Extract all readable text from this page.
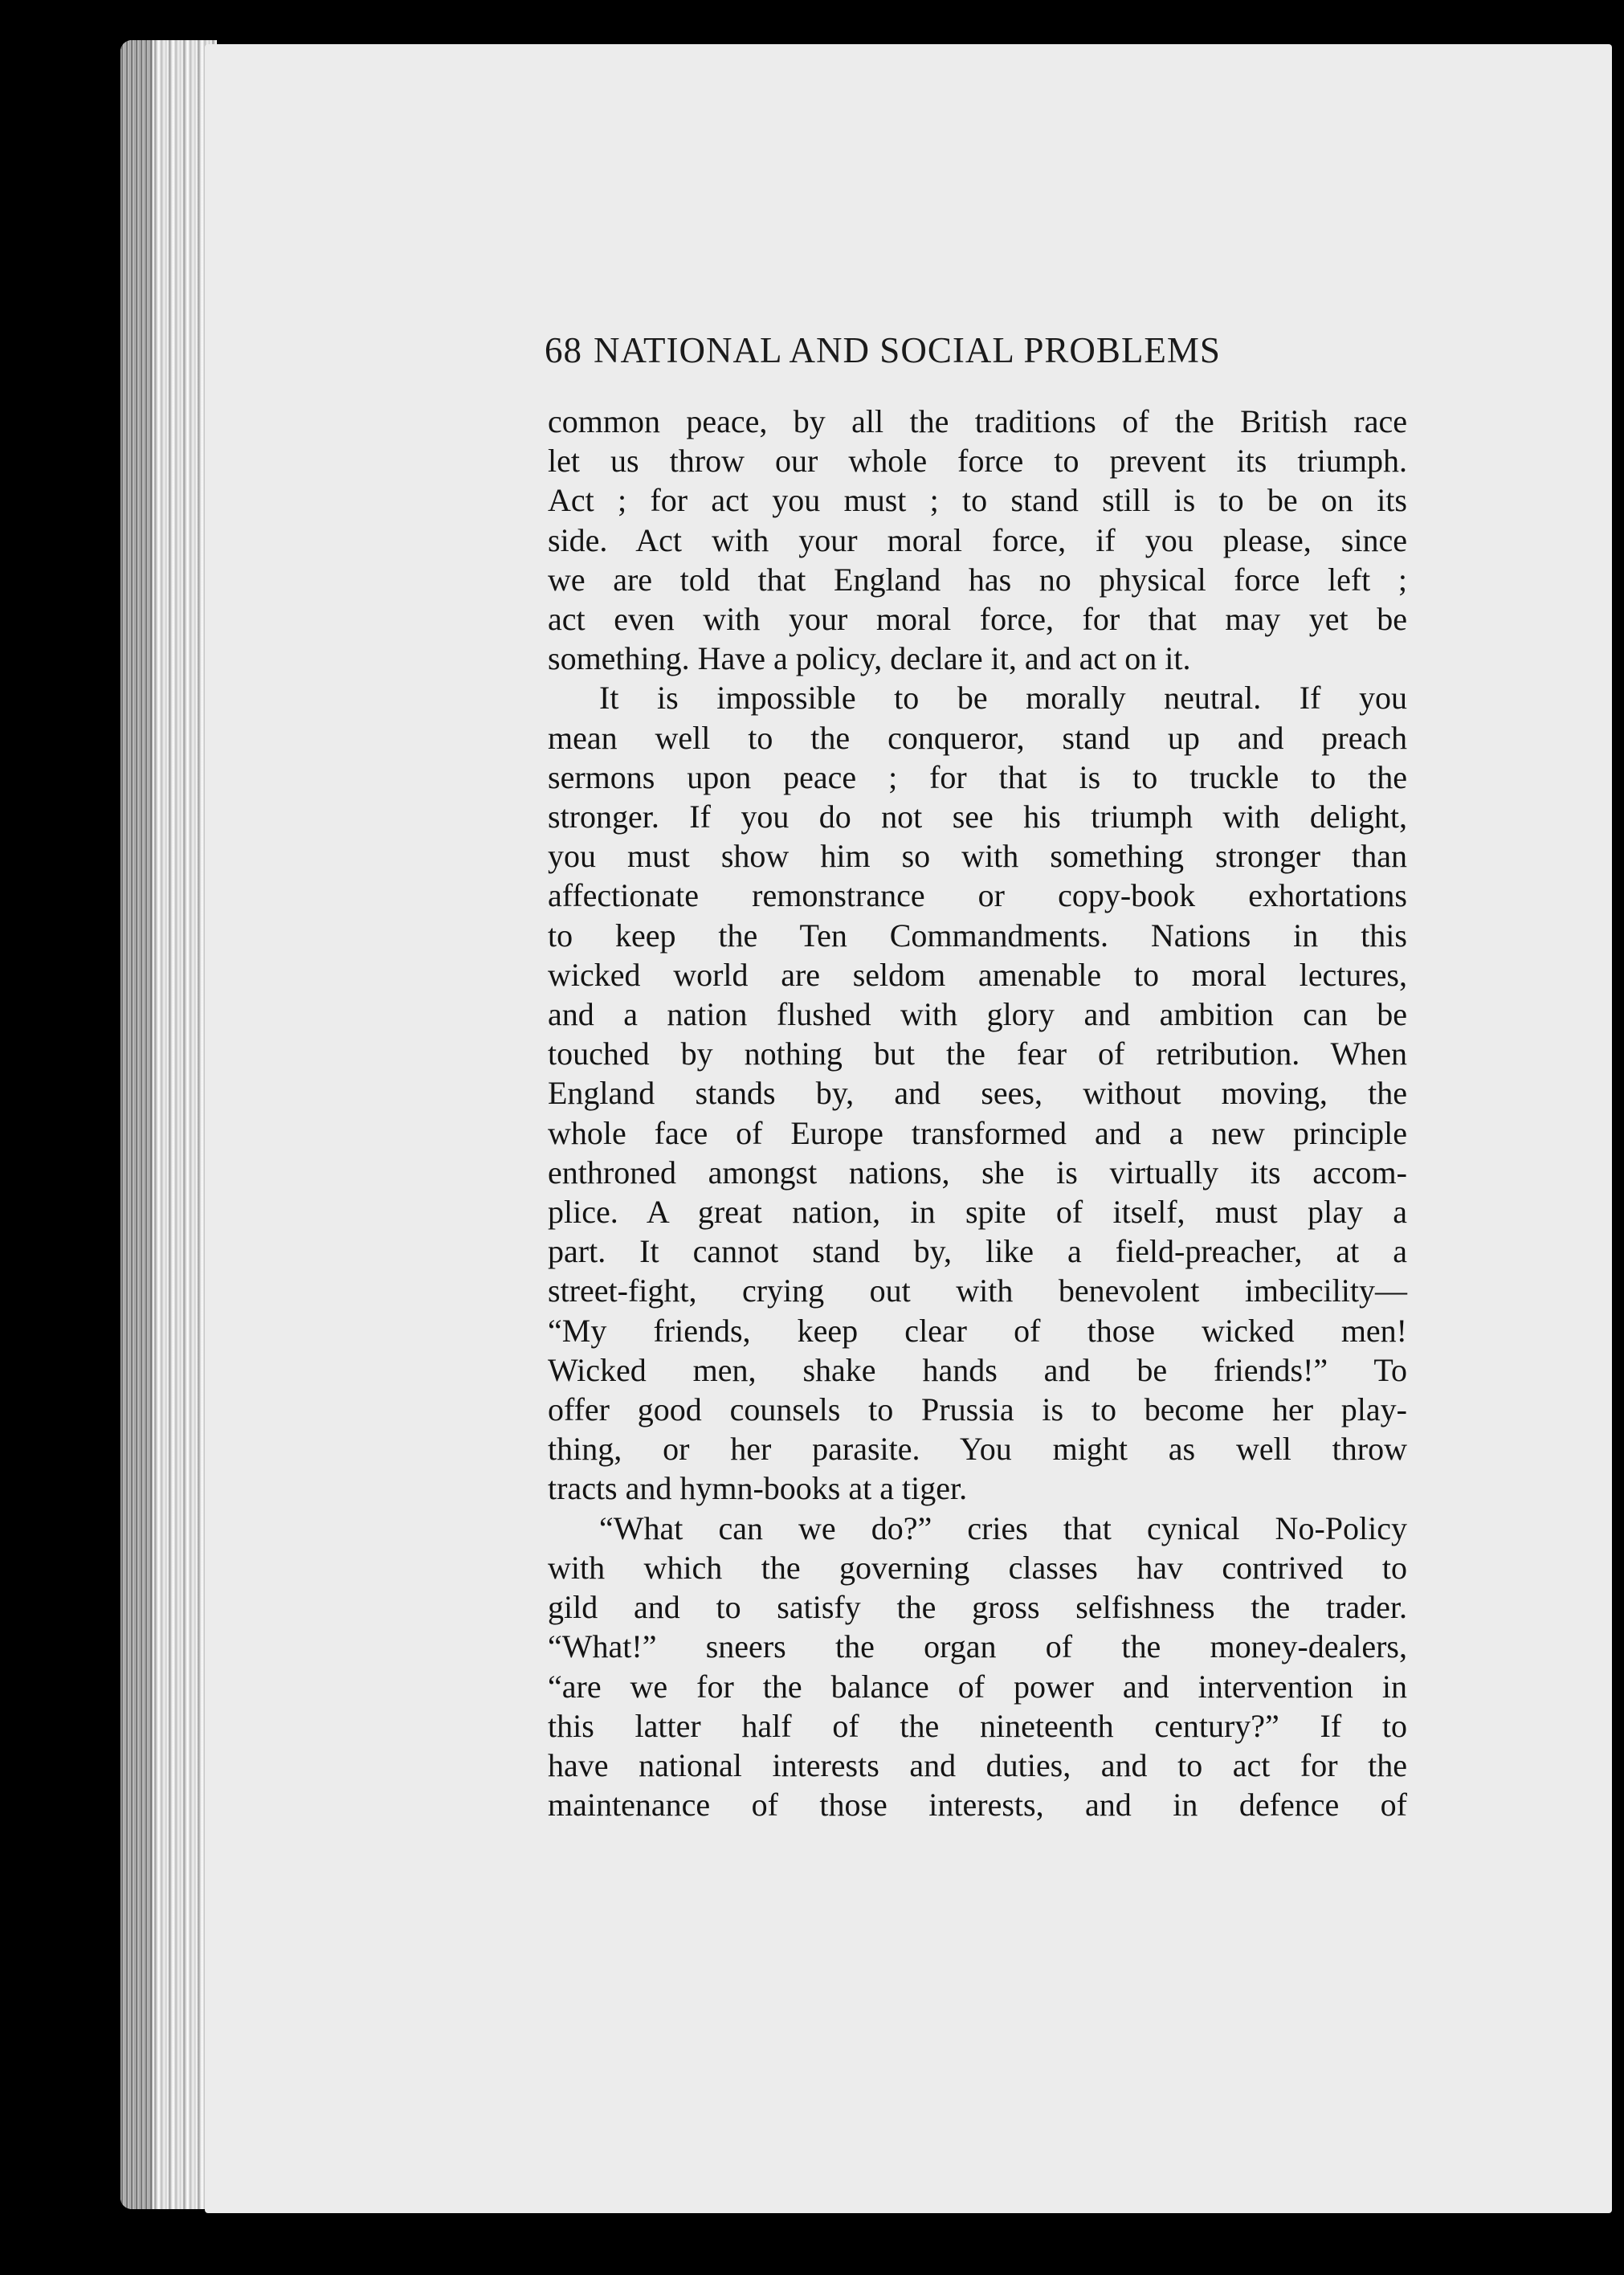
68 NATIONAL AND SOCIAL PROBLEMS

common peace, by all the traditions of the British race
let us throw our whole force to prevent its triumph.
Act ; for act you must ; to stand still is to be on its
side. Act with your moral force, if you please, since
we are told that England has no physical force left ;
act even with your moral force, for that may yet be
something. Have a policy, declare it, and act on it.

It is impossible to be morally neutral. If you
mean well to the conqueror, stand up and preach
sermons upon peace ; for that is to truckle to the
stronger. If you do not see his triumph with delight,
you must show him so with something stronger than
affectionate remonstrance or copy-book exhortations
to keep the Ten Commandments. Nations in this
wicked world are seldom amenable to moral lectures,
and a nation flushed with glory and ambition can be
touched by nothing but the fear of retribution. When
England stands by, and sees, without moving, the
whole face of Europe transformed and a new principle
enthroned amongst nations, she is virtually its accom-
plice. A great nation, in spite of itself, must play a
part. It cannot stand by, like a field-preacher, at a
street-fight, crying out with benevolent imbecility—
“My friends, keep clear of those wicked men!
Wicked men, shake hands and be friends!” To
offer good counsels to Prussia is to become her play-
thing, or her parasite. You might as well throw
tracts and hymn-books at a tiger.

“What can we do?” cries that cynical No-Policy
with which the governing classes hav contrived to
gild and to satisfy the gross selfishness the trader.
“What!” sneers the organ of the money-dealers,
“are we for the balance of power and intervention in
this latter half of the nineteenth century?” If to
have national interests and duties, and to act for the
maintenance of those interests, and in defence of
